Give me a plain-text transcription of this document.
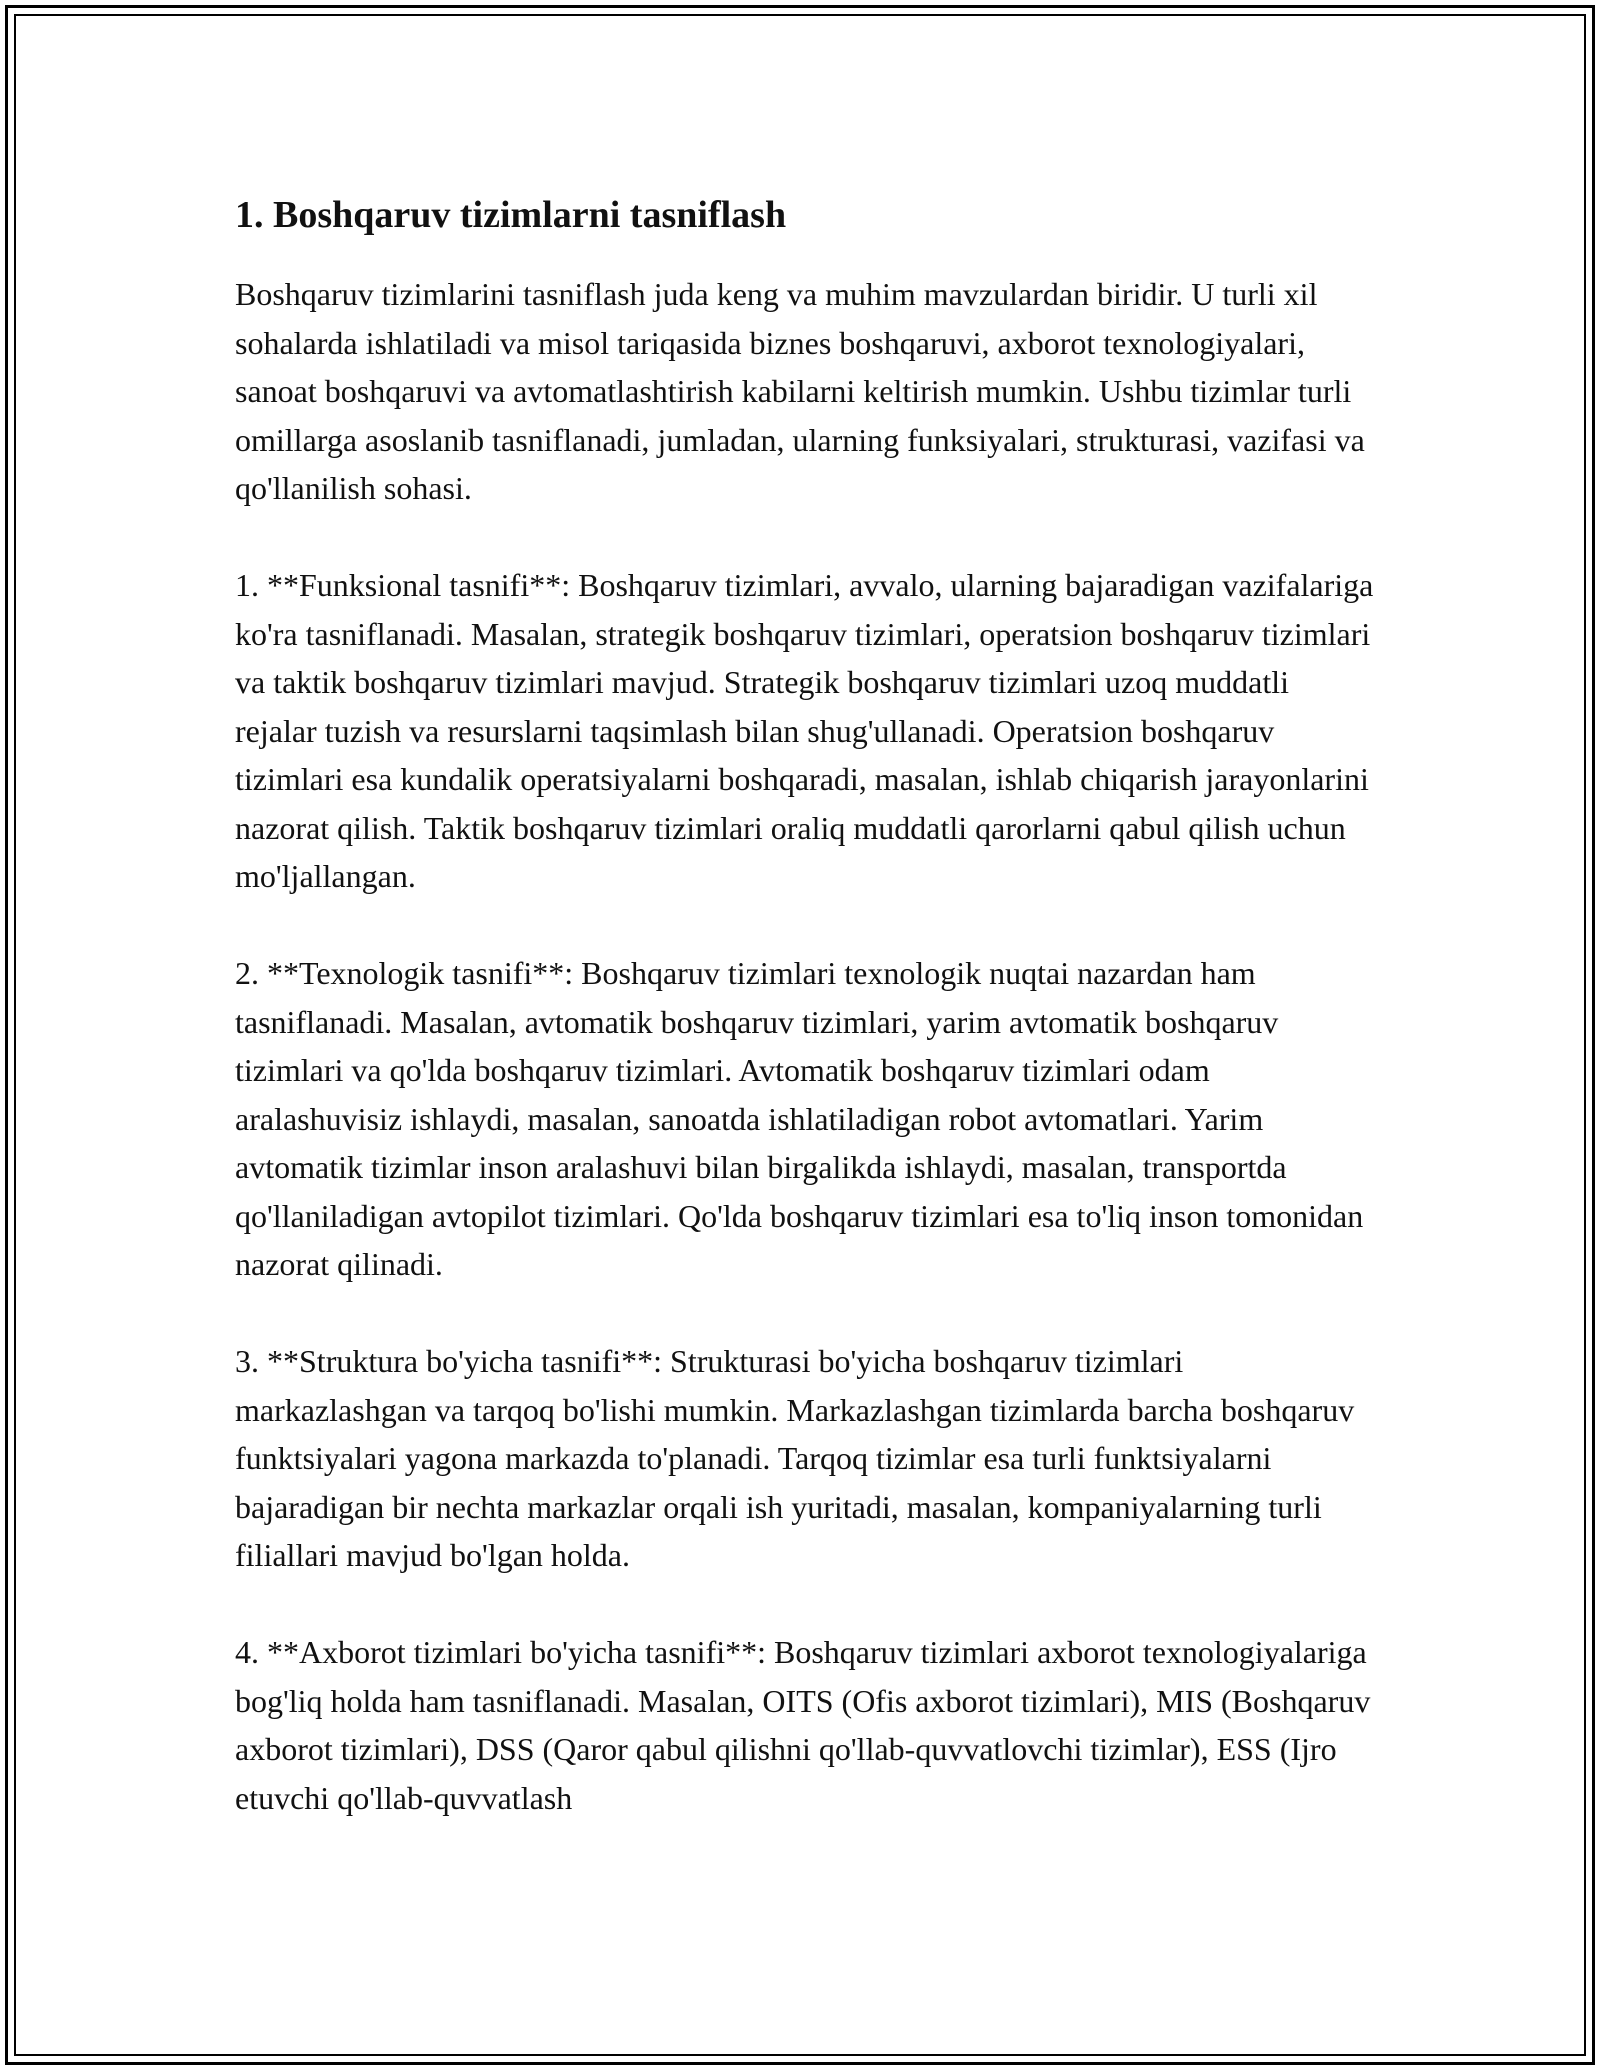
1. Boshqaruv tizimlarni tasniflash

Boshqaruv tizimlarini tasniflash juda keng va muhim mavzulardan biridir. U turli xil sohalarda ishlatiladi va misol tariqasida biznes boshqaruvi, axborot texnologiyalari, sanoat boshqaruvi va avtomatlashtirish kabilarni keltirish mumkin. Ushbu tizimlar turli omillarga asoslanib tasniflanadi, jumladan, ularning funksiyalari, strukturasi, vazifasi va qo'llanilish sohasi.

1. **Funksional tasnifi**: Boshqaruv tizimlari, avvalo, ularning bajaradigan vazifalariga ko'ra tasniflanadi. Masalan, strategik boshqaruv tizimlari, operatsion boshqaruv tizimlari va taktik boshqaruv tizimlari mavjud. Strategik boshqaruv tizimlari uzoq muddatli rejalar tuzish va resurslarni taqsimlash bilan shug'ullanadi. Operatsion boshqaruv tizimlari esa kundalik operatsiyalarni boshqaradi, masalan, ishlab chiqarish jarayonlarini nazorat qilish. Taktik boshqaruv tizimlari oraliq muddatli qarorlarni qabul qilish uchun mo'ljallangan.

2. **Texnologik tasnifi**: Boshqaruv tizimlari texnologik nuqtai nazardan ham tasniflanadi. Masalan, avtomatik boshqaruv tizimlari, yarim avtomatik boshqaruv tizimlari va qo'lda boshqaruv tizimlari. Avtomatik boshqaruv tizimlari odam aralashuvisiz ishlaydi, masalan, sanoatda ishlatiladigan robot avtomatlari. Yarim avtomatik tizimlar inson aralashuvi bilan birgalikda ishlaydi, masalan, transportda qo'llaniladigan avtopilot tizimlari. Qo'lda boshqaruv tizimlari esa to'liq inson tomonidan nazorat qilinadi.

3. **Struktura bo'yicha tasnifi**: Strukturasi bo'yicha boshqaruv tizimlari markazlashgan va tarqoq bo'lishi mumkin. Markazlashgan tizimlarda barcha boshqaruv funktsiyalari yagona markazda to'planadi. Tarqoq tizimlar esa turli funktsiyalarni bajaradigan bir nechta markazlar orqali ish yuritadi, masalan, kompaniyalarning turli filiallari mavjud bo'lgan holda.

4. **Axborot tizimlari bo'yicha tasnifi**: Boshqaruv tizimlari axborot texnologiyalariga bog'liq holda ham tasniflanadi. Masalan, OITS (Ofis axborot tizimlari), MIS (Boshqaruv axborot tizimlari), DSS (Qaror qabul qilishni qo'llab-quvvatlovchi tizimlar), ESS (Ijro etuvchi qo'llab-quvvatlash
